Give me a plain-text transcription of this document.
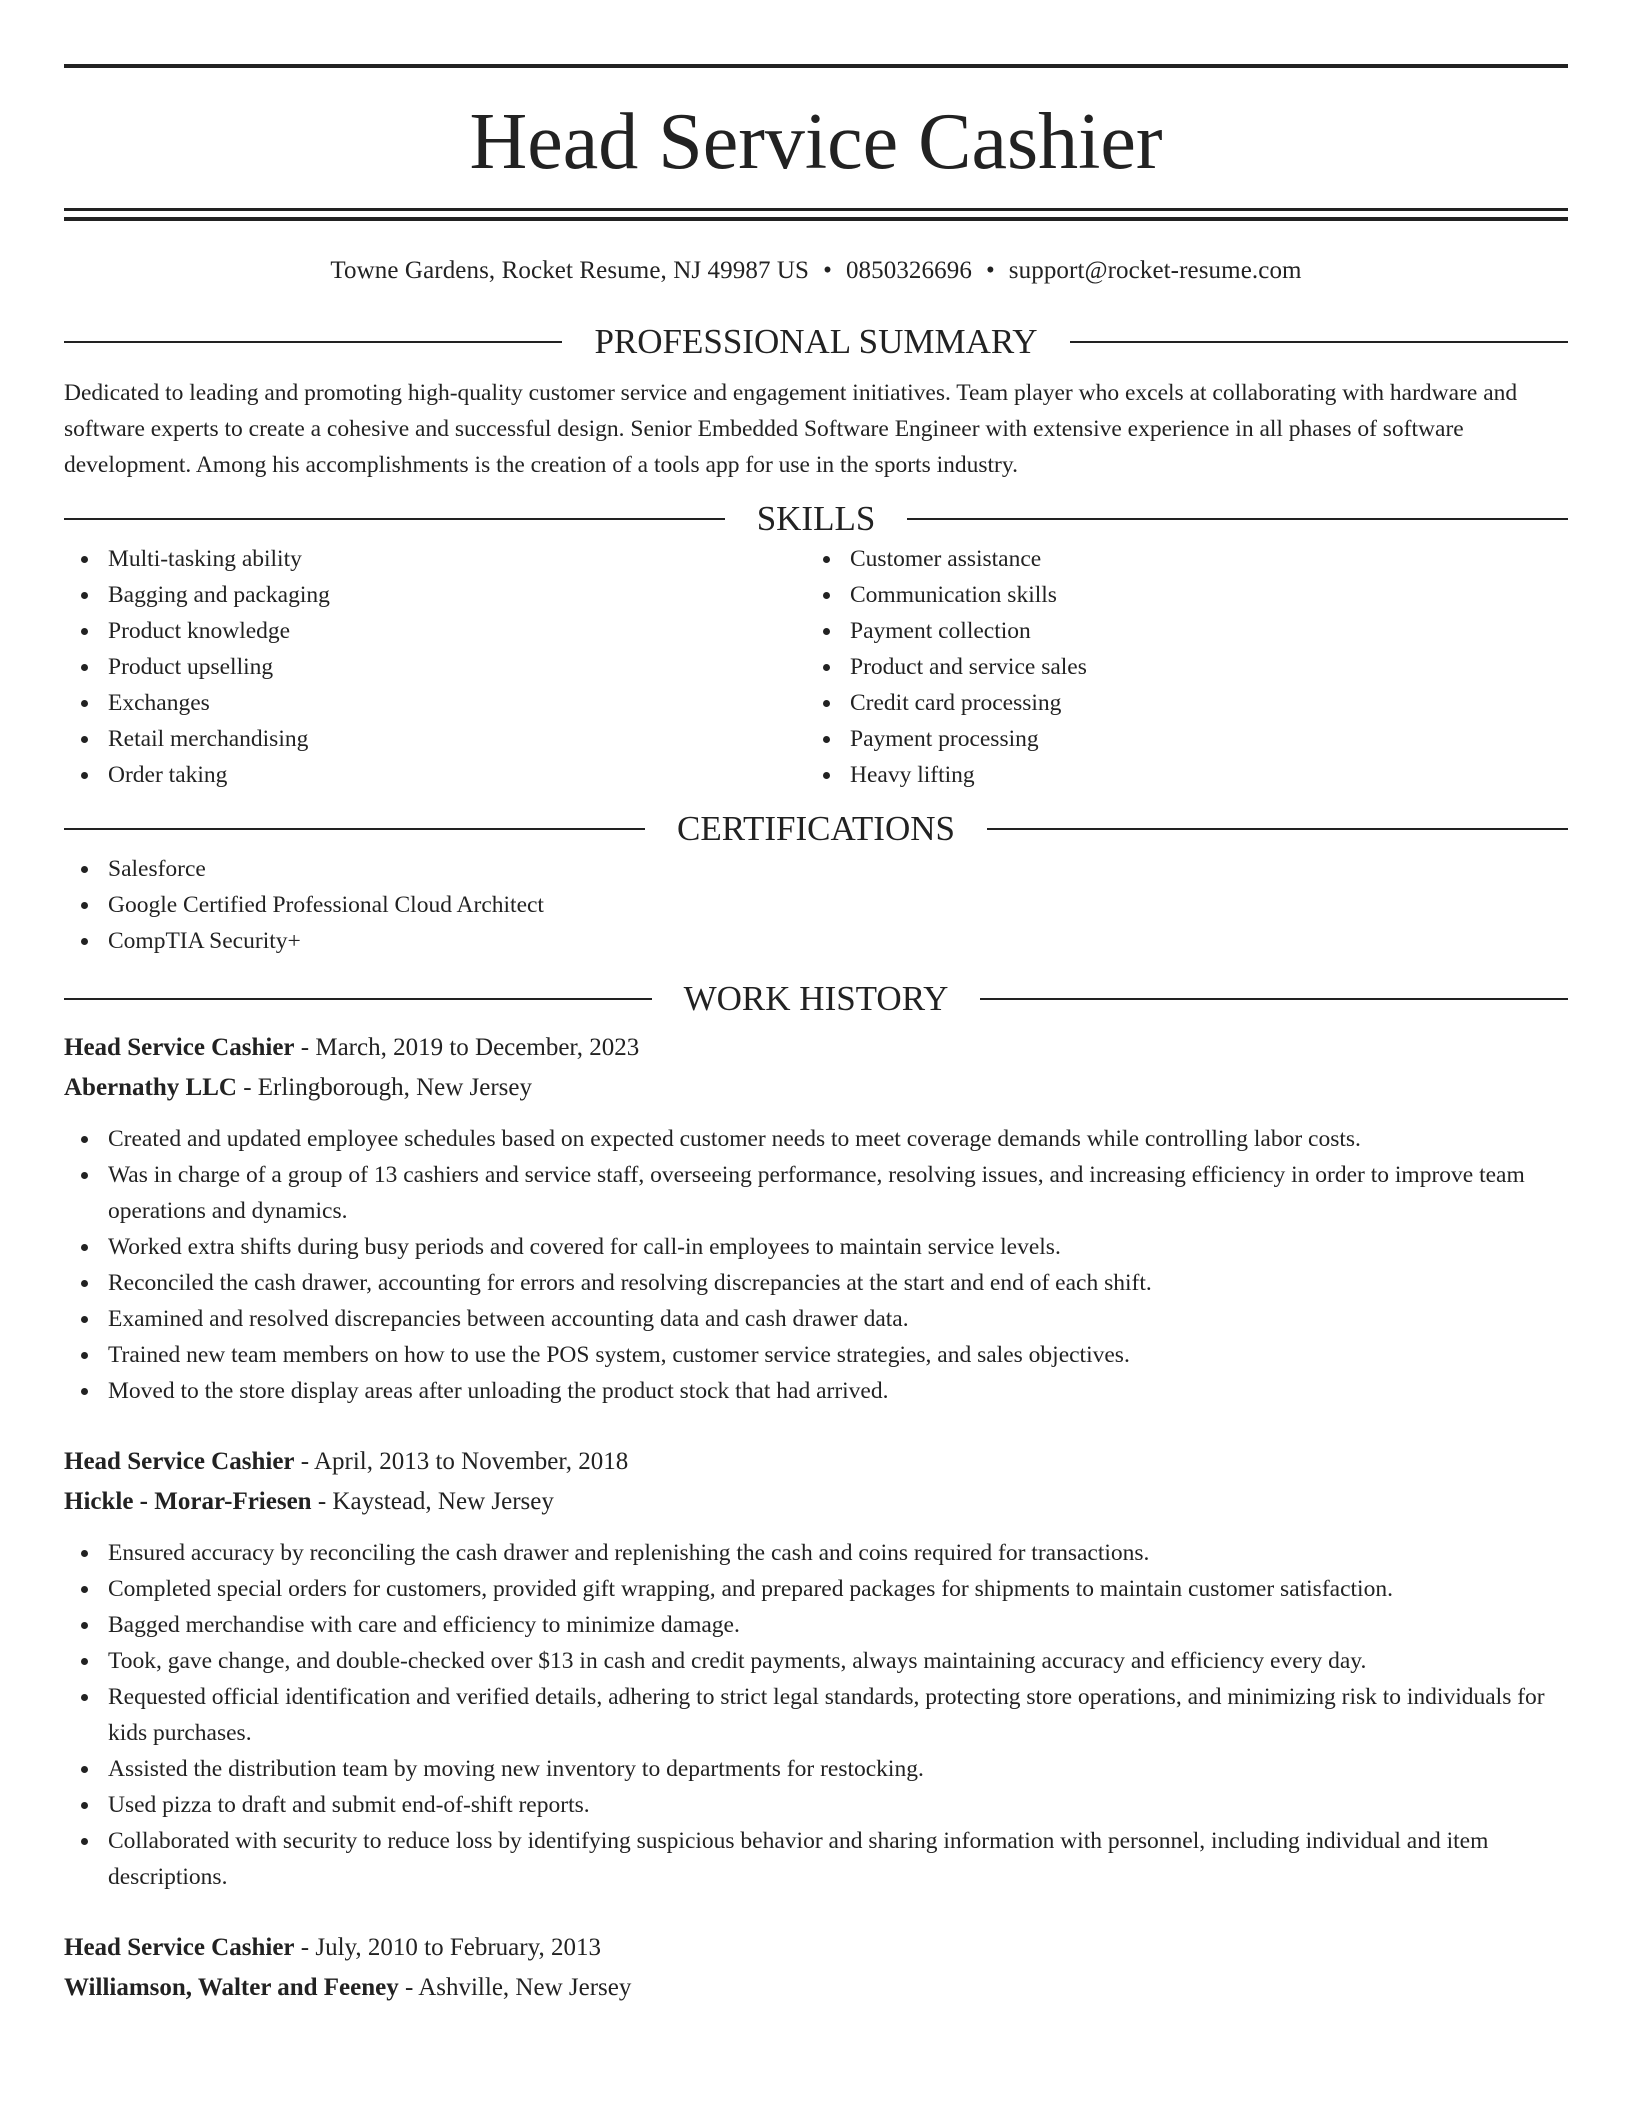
Head Service Cashier
Towne Gardens, Rocket Resume, NJ 49987 US • 0850326696 • support@rocket-resume.com
PROFESSIONAL SUMMARY

Dedicated to leading and promoting high-quality customer service and engagement initiatives. Team player who excels at collaborating with hardware and software experts to create a cohesive and successful design. Senior Embedded Software Engineer with extensive experience in all phases of software development. Among his accomplishments is the creation of a tools app for use in the sports industry.

SKILLS
Multi-tasking ability
Bagging and packaging
Product knowledge
Product upselling
Exchanges
Retail merchandising
Order taking
Customer assistance
Communication skills
Payment collection
Product and service sales
Credit card processing
Payment processing
Heavy lifting
CERTIFICATIONS
Salesforce
Google Certified Professional Cloud Architect
CompTIA Security+
WORK HISTORY
Head Service Cashier - March, 2019 to December, 2023
Abernathy LLC - Erlingborough, New Jersey
Created and updated employee schedules based on expected customer needs to meet coverage demands while controlling labor costs.
Was in charge of a group of 13 cashiers and service staff, overseeing performance, resolving issues, and increasing efficiency in order to improve team operations and dynamics.
Worked extra shifts during busy periods and covered for call-in employees to maintain service levels.
Reconciled the cash drawer, accounting for errors and resolving discrepancies at the start and end of each shift.
Examined and resolved discrepancies between accounting data and cash drawer data.
Trained new team members on how to use the POS system, customer service strategies, and sales objectives.
Moved to the store display areas after unloading the product stock that had arrived.
Head Service Cashier - April, 2013 to November, 2018
Hickle - Morar-Friesen - Kaystead, New Jersey
Ensured accuracy by reconciling the cash drawer and replenishing the cash and coins required for transactions.
Completed special orders for customers, provided gift wrapping, and prepared packages for shipments to maintain customer satisfaction.
Bagged merchandise with care and efficiency to minimize damage.
Took, gave change, and double-checked over $13 in cash and credit payments, always maintaining accuracy and efficiency every day.
Requested official identification and verified details, adhering to strict legal standards, protecting store operations, and minimizing risk to individuals for kids purchases.
Assisted the distribution team by moving new inventory to departments for restocking.
Used pizza to draft and submit end-of-shift reports.
Collaborated with security to reduce loss by identifying suspicious behavior and sharing information with personnel, including individual and item descriptions.
Head Service Cashier - July, 2010 to February, 2013
Williamson, Walter and Feeney - Ashville, New Jersey
